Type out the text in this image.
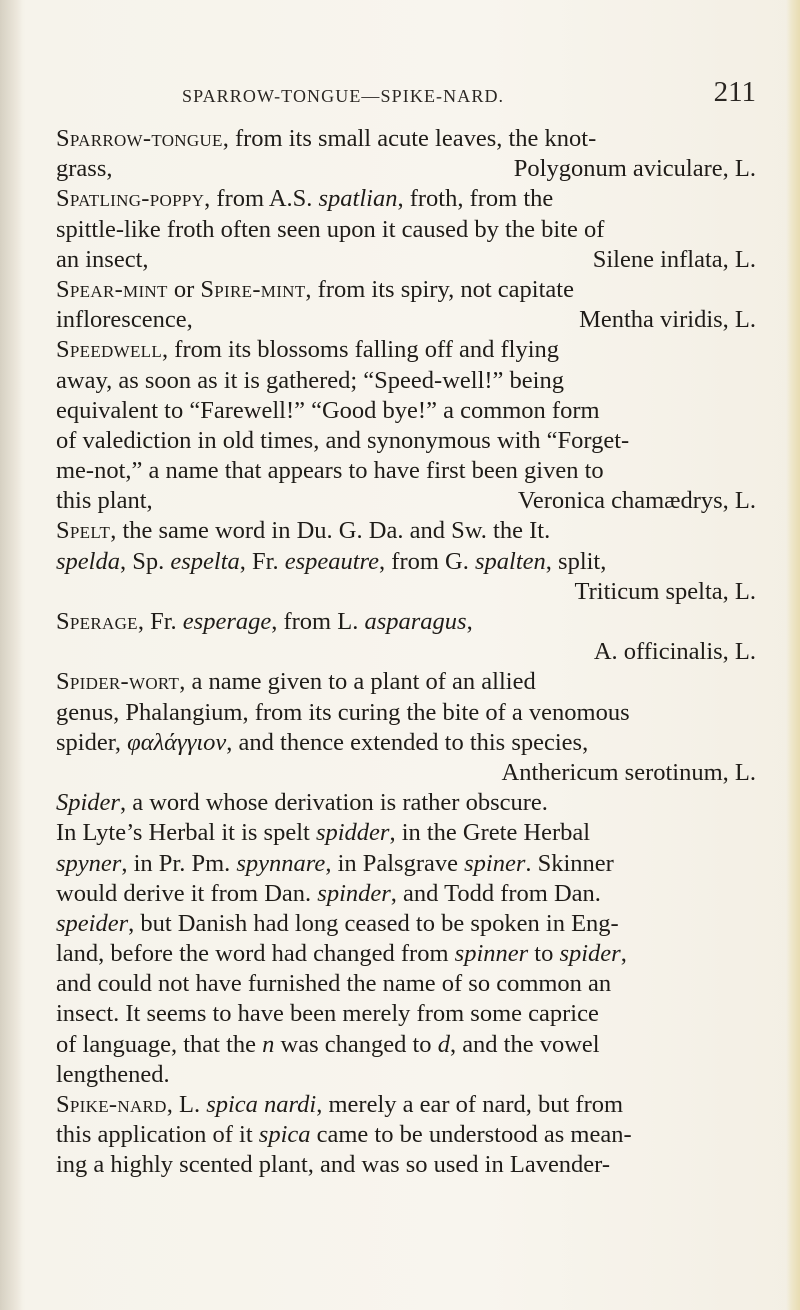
SPARROW-TONGUE—SPIKE-NARD.	211
Sparrow-tongue, from its small acute leaves, the knot-
grass,	Polygonum aviculare, L.
Spatling-poppy, from A.S. spatlian, froth, from the
spittle-like froth often seen upon it caused by the bite of
an insect,	Silene inflata, L.
Spear-mint or Spire-mint, from its spiry, not capitate
inflorescence,	Mentha viridis, L.
Speedwell, from its blossoms falling off and flying
away, as soon as it is gathered; “Speed-well!” being
equivalent to “Farewell!” “Good bye!” a common form
of valediction in old times, and synonymous with “Forget-
me-not,” a name that appears to have first been given to
this plant,	Veronica chamædrys, L.
Spelt, the same word in Du. G. Da. and Sw. the It.
spelda, Sp. espelta, Fr. espeautre, from G. spalten, split,
Triticum spelta, L.
Sperage, Fr. esperage, from L. asparagus,
A. officinalis, L.
Spider-wort, a name given to a plant of an allied
genus, Phalangium, from its curing the bite of a venomous
spider, φαλάγγιον, and thence extended to this species,
Anthericum serotinum, L.
Spider, a word whose derivation is rather obscure.
In Lyte’s Herbal it is spelt spidder, in the Grete Herbal
spyner, in Pr. Pm. spynnare, in Palsgrave spiner. Skinner
would derive it from Dan. spinder, and Todd from Dan.
speider, but Danish had long ceased to be spoken in Eng-
land, before the word had changed from spinner to spider,
and could not have furnished the name of so common an
insect. It seems to have been merely from some caprice
of language, that the n was changed to d, and the vowel
lengthened.
Spike-nard, L. spica nardi, merely a ear of nard, but from
this application of it spica came to be understood as mean-
ing a highly scented plant, and was so used in Lavender-
